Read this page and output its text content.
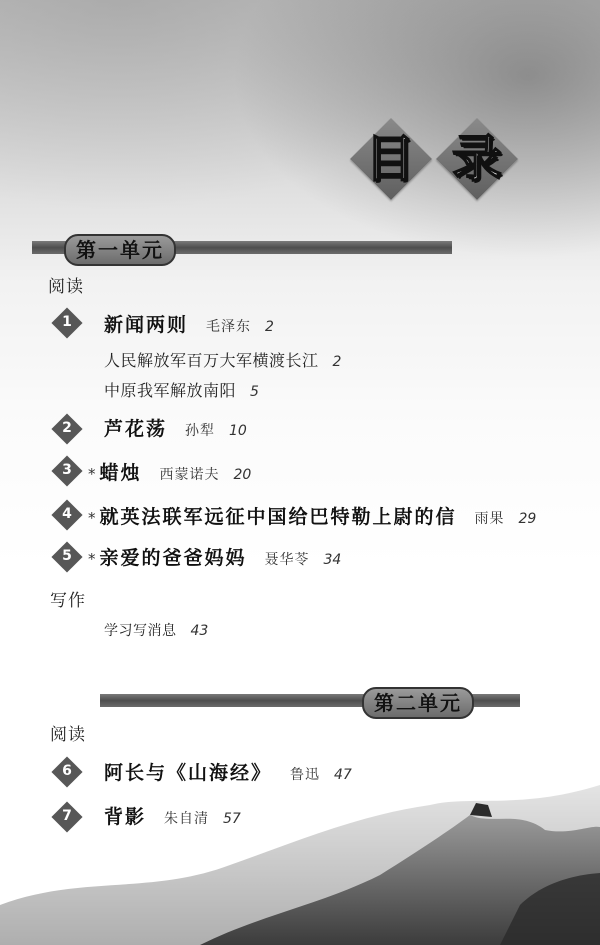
目 录
第一单元
阅读
1	新闻两则 毛泽东 2
人民解放军百万大军横渡长江 2
中原我军解放南阳 5
2	芦花荡 孙犁 10
3	* 蜡烛 西蒙诺夫 20
4	* 就英法联军远征中国给巴特勒上尉的信 雨果 29
5	* 亲爱的爸爸妈妈 聂华苓 34
写作
学习写消息 43
第二单元
阅读
6	阿长与《山海经》 鲁迅 47
7	背影 朱自清 57
